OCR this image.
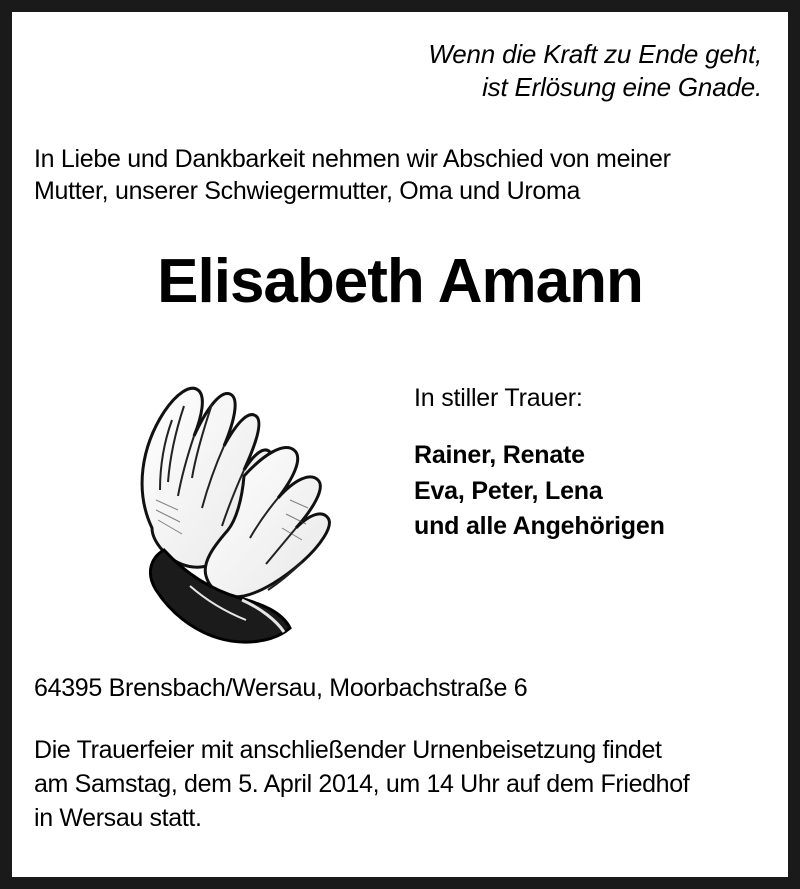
Wenn die Kraft zu Ende geht,
ist Erlösung eine Gnade.
In Liebe und Dankbarkeit nehmen wir Abschied von meiner
Mutter, unserer Schwiegermutter, Oma und Uroma
Elisabeth Amann
In stiller Trauer:
Rainer, Renate
Eva, Peter, Lena
und alle Angehörigen
64395 Brensbach/Wersau, Moorbachstraße 6
Die Trauerfeier mit anschließender Urnenbeisetzung findet
am Samstag, dem 5. April 2014, um 14 Uhr auf dem Friedhof
in Wersau statt.
